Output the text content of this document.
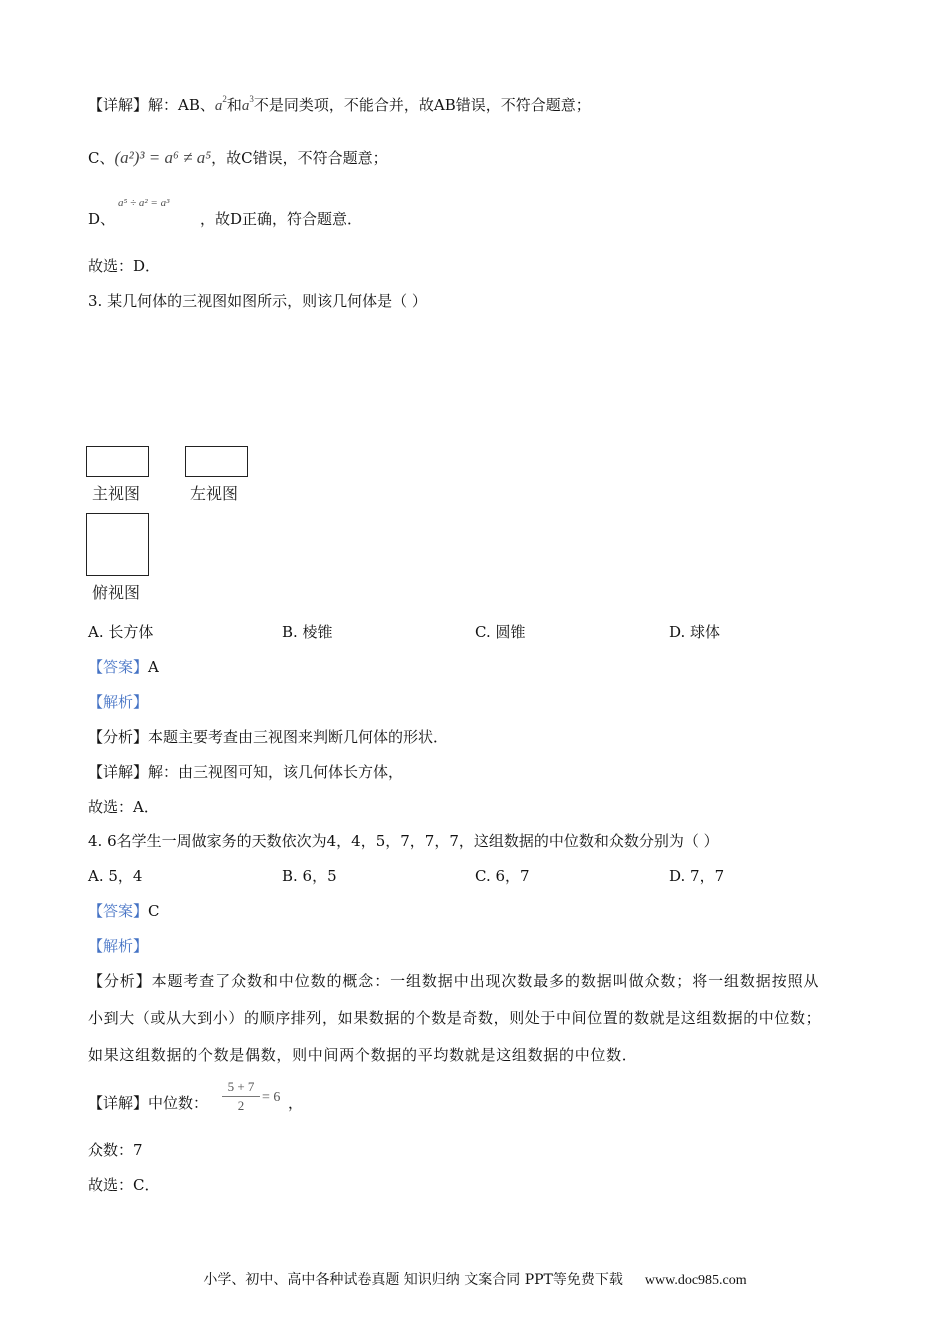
【详解】解：AB、$a^2$和$a^3$不是同类项，不能合并，故AB错误，不符合题意；
C、(a²)³ = a⁶ ≠ a⁵，故C错误，不符合题意；
D、
a⁵ ÷ a² = a³
，故D正确，符合题意．
故选：D．
3. 某几何体的三视图如图所示，则该几何体是（ ）
主视图	左视图
俯视图
A. 长方体	B. 棱锥	C. 圆锥	D. 球体
【答案】A
【解析】
【分析】本题主要考查由三视图来判断几何体的形状．
【详解】解：由三视图可知，该几何体长方体，
故选：A．
4. 6名学生一周做家务的天数依次为4，4，5，7，7，7，这组数据的中位数和众数分别为（ ）
A. 5，4	B. 6，5	C. 6，7	D. 7，7
【答案】C
【解析】
【分析】本题考查了众数和中位数的概念：一组数据中出现次数最多的数据叫做众数；将一组数据按照从
小到大（或从大到小）的顺序排列，如果数据的个数是奇数，则处于中间位置的数就是这组数据的中位数；
如果这组数据的个数是偶数，则中间两个数据的平均数就是这组数据的中位数．
【详解】中位数： $\frac{5 + 7}{2} = 6$ ，
众数：7
故选：C．
小学、初中、高中各种试卷真题 知识归纳 文案合同 PPT等免费下载 www.doc985.com
